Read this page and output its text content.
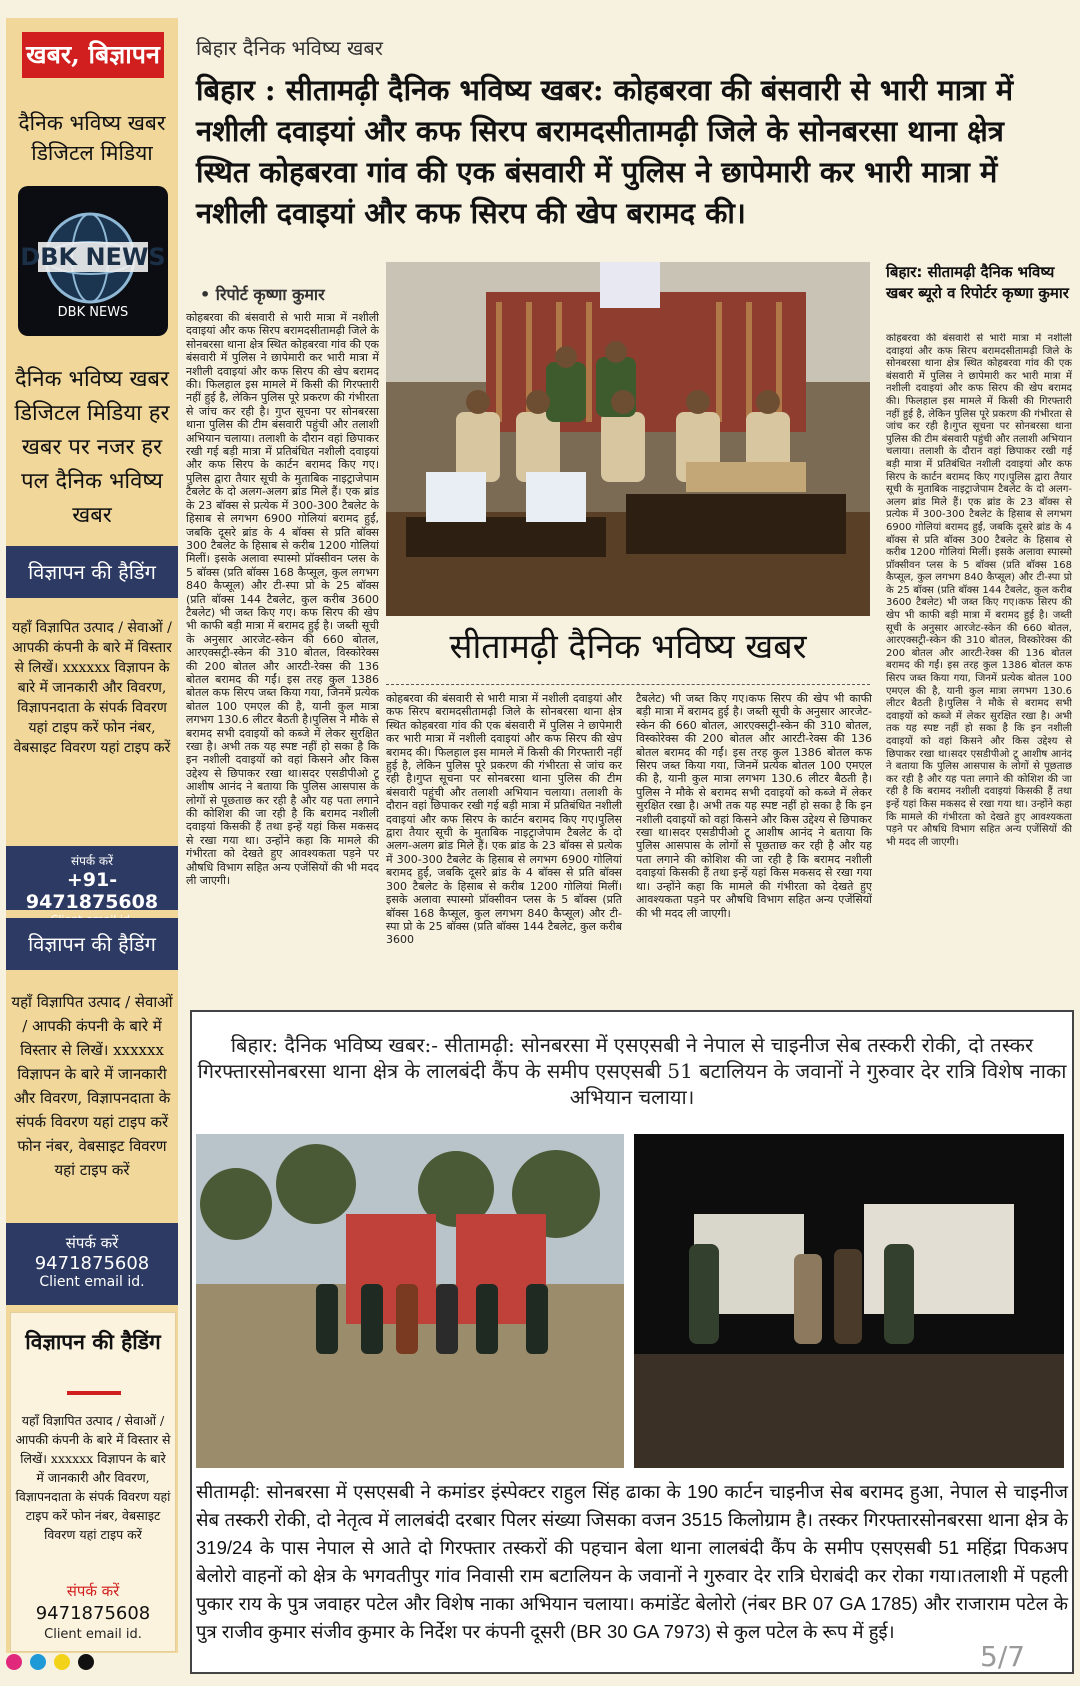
खबर, बिज्ञापन
दैनिक भविष्य खबर डिजिटल मिडिया
DBK NEWS
DBK NEWS
दैनिक भविष्य खबर डिजिटल मिडिया हर खबर पर नजर हर पल दैनिक भविष्य खबर
विज्ञापन की हैडिंग
यहाँ विज्ञापित उत्पाद / सेवाओं / आपकी कंपनी के बारे में विस्तार से लिखें। xxxxxx विज्ञापन के बारे में जानकारी और विवरण, विज्ञापनदाता के संपर्क विवरण यहां टाइप करें फोन नंबर, वेबसाइट विवरण यहां टाइप करें
संपर्क करें
+91-9471875608
विज्ञापन की हैडिंग
यहाँ विज्ञापित उत्पाद / सेवाओं / आपकी कंपनी के बारे में विस्तार से लिखें। xxxxxx विज्ञापन के बारे में जानकारी और विवरण, विज्ञापनदाता के संपर्क विवरण यहां टाइप करें फोन नंबर, वेबसाइट विवरण यहां टाइप करें
संपर्क करें
9471875608
Client email id.
विज्ञापन की हैडिंग
यहाँ विज्ञापित उत्पाद / सेवाओं / आपकी कंपनी के बारे में विस्तार से लिखें। xxxxxx विज्ञापन के बारे में जानकारी और विवरण, विज्ञापनदाता के संपर्क विवरण यहां टाइप करें फोन नंबर, वेबसाइट विवरण यहां टाइप करें
संपर्क करें
9471875608
Client email id.
बिहार दैनिक भविष्य खबर
बिहार : सीतामढ़ी दैनिक भविष्य खबर: कोहबरवा की बंसवारी से भारी मात्रा में नशीली दवाइयां और कफ सिरप बरामदसीतामढ़ी जिले के सोनबरसा थाना क्षेत्र स्थित कोहबरवा गांव की एक बंसवारी में पुलिस ने छापेमारी कर भारी मात्रा में नशीली दवाइयां और कफ सिरप की खेप बरामद की।
• रिपोर्ट कृष्णा कुमार
कोहबरवा की बंसवारी से भारी मात्रा में नशीली दवाइयां और कफ सिरप बरामदसीतामढ़ी जिले के सोनबरसा थाना क्षेत्र स्थित कोहबरवा गांव की एक बंसवारी में पुलिस ने छापेमारी कर भारी मात्रा में नशीली दवाइयां और कफ सिरप की खेप बरामद की। फिलहाल इस मामले में किसी की गिरफ्तारी नहीं हुई है, लेकिन पुलिस पूरे प्रकरण की गंभीरता से जांच कर रही है। गुप्त सूचना पर सोनबरसा थाना पुलिस की टीम बंसवारी पहुंची और तलाशी अभियान चलाया। तलाशी के दौरान वहां छिपाकर रखी गई बड़ी मात्रा में प्रतिबंधित नशीली दवाइयां और कफ सिरप के कार्टन बरामद किए गए।पुलिस द्वारा तैयार सूची के मुताबिक नाइट्राजेपाम टैबलेट के दो अलग-अलग ब्रांड मिले हैं। एक ब्रांड के 23 बॉक्स से प्रत्येक में 300-300 टैबलेट के हिसाब से लगभग 6900 गोलियां बरामद हुईं, जबकि दूसरे ब्रांड के 4 बॉक्स से प्रति बॉक्स 300 टैबलेट के हिसाब से करीब 1200 गोलियां मिलीं। इसके अलावा स्पास्मो प्रॉक्सीवन प्लस के 5 बॉक्स (प्रति बॉक्स 168 कैप्सूल, कुल लगभग 840 कैप्सूल) और टी-स्पा प्रो के 25 बॉक्स (प्रति बॉक्स 144 टैबलेट, कुल करीब 3600 टैबलेट) भी जब्त किए गए। कफ सिरप की खेप भी काफी बड़ी मात्रा में बरामद हुई है। जब्ती सूची के अनुसार आरजेट-स्केन की 660 बोतल, आरएक्सट्री-स्केन की 310 बोतल, विस्कोरेक्स की 200 बोतल और आरटी-रेक्स की 136 बोतल बरामद की गईं। इस तरह कुल 1386 बोतल कफ सिरप जब्त किया गया, जिनमें प्रत्येक बोतल 100 एमएल की है, यानी कुल मात्रा लगभग 130.6 लीटर बैठती है।पुलिस ने मौके से बरामद सभी दवाइयों को कब्जे में लेकर सुरक्षित रखा है। अभी तक यह स्पष्ट नहीं हो सका है कि इन नशीली दवाइयों को वहां किसने और किस उद्देश्य से छिपाकर रखा था।सदर एसडीपीओ टू आशीष आनंद ने बताया कि पुलिस आसपास के लोगों से पूछताछ कर रही है और यह पता लगाने की कोशिश की जा रही है कि बरामद नशीली दवाइयां किसकी हैं तथा इन्हें यहां किस मकसद से रखा गया था। उन्होंने कहा कि मामले की गंभीरता को देखते हुए आवश्यकता पड़ने पर औषधि विभाग सहित अन्य एजेंसियों की भी मदद ली जाएगी।
बिहार: सीतामढ़ी दैनिक भविष्य खबर ब्यूरो व रिपोर्टर कृष्णा कुमार
कोहबरवा की बंसवारी से भारी मात्रा में नशीली दवाइयां और कफ सिरप बरामदसीतामढ़ी जिले के सोनबरसा थाना क्षेत्र स्थित कोहबरवा गांव की एक बंसवारी में पुलिस ने छापेमारी कर भारी मात्रा में नशीली दवाइयां और कफ सिरप की खेप बरामद की। फिलहाल इस मामले में किसी की गिरफ्तारी नहीं हुई है, लेकिन पुलिस पूरे प्रकरण की गंभीरता से जांच कर रही है।गुप्त सूचना पर सोनबरसा थाना पुलिस की टीम बंसवारी पहुंची और तलाशी अभियान चलाया। तलाशी के दौरान वहां छिपाकर रखी गई बड़ी मात्रा में प्रतिबंधित नशीली दवाइयां और कफ सिरप के कार्टन बरामद किए गए।पुलिस द्वारा तैयार सूची के मुताबिक नाइट्राजेपाम टैबलेट के दो अलग-अलग ब्रांड मिले हैं। एक ब्रांड के 23 बॉक्स से प्रत्येक में 300-300 टैबलेट के हिसाब से लगभग 6900 गोलियां बरामद हुईं, जबकि दूसरे ब्रांड के 4 बॉक्स से प्रति बॉक्स 300 टैबलेट के हिसाब से करीब 1200 गोलियां मिलीं। इसके अलावा स्पास्मो प्रॉक्सीवन प्लस के 5 बॉक्स (प्रति बॉक्स 168 कैप्सूल, कुल लगभग 840 कैप्सूल) और टी-स्पा प्रो के 25 बॉक्स (प्रति बॉक्स 144 टैबलेट, कुल करीब 3600 टैबलेट) भी जब्त किए गए।कफ सिरप की खेप भी काफी बड़ी मात्रा में बरामद हुई है। जब्ती सूची के अनुसार आरजेट-स्केन की 660 बोतल, आरएक्सट्री-स्केन की 310 बोतल, विस्कोरेक्स की 200 बोतल और आरटी-रेक्स की 136 बोतल बरामद की गईं। इस तरह कुल 1386 बोतल कफ सिरप जब्त किया गया, जिनमें प्रत्येक बोतल 100 एमएल की है, यानी कुल मात्रा लगभग 130.6 लीटर बैठती है।पुलिस ने मौके से बरामद सभी दवाइयों को कब्जे में लेकर सुरक्षित रखा है। अभी तक यह स्पष्ट नहीं हो सका है कि इन नशीली दवाइयों को वहां किसने और किस उद्देश्य से छिपाकर रखा था।सदर एसडीपीओ टू आशीष आनंद ने बताया कि पुलिस आसपास के लोगों से पूछताछ कर रही है और यह पता लगाने की कोशिश की जा रही है कि बरामद नशीली दवाइयां किसकी हैं तथा इन्हें यहां किस मकसद से रखा गया था। उन्होंने कहा कि मामले की गंभीरता को देखते हुए आवश्यकता पड़ने पर औषधि विभाग सहित अन्य एजेंसियों की भी मदद ली जाएगी।
सीतामढ़ी दैनिक भविष्य खबर
कोहबरवा की बंसवारी से भारी मात्रा में नशीली दवाइयां और कफ सिरप बरामदसीतामढ़ी जिले के सोनबरसा थाना क्षेत्र स्थित कोहबरवा गांव की एक बंसवारी में पुलिस ने छापेमारी कर भारी मात्रा में नशीली दवाइयां और कफ सिरप की खेप बरामद की। फिलहाल इस मामले में किसी की गिरफ्तारी नहीं हुई है, लेकिन पुलिस पूरे प्रकरण की गंभीरता से जांच कर रही है।गुप्त सूचना पर सोनबरसा थाना पुलिस की टीम बंसवारी पहुंची और तलाशी अभियान चलाया। तलाशी के दौरान वहां छिपाकर रखी गई बड़ी मात्रा में प्रतिबंधित नशीली दवाइयां और कफ सिरप के कार्टन बरामद किए गए।पुलिस द्वारा तैयार सूची के मुताबिक नाइट्राजेपाम टैबलेट के दो अलग-अलग ब्रांड मिले हैं। एक ब्रांड के 23 बॉक्स से प्रत्येक में 300-300 टैबलेट के हिसाब से लगभग 6900 गोलियां बरामद हुईं, जबकि दूसरे ब्रांड के 4 बॉक्स से प्रति बॉक्स 300 टैबलेट के हिसाब से करीब 1200 गोलियां मिलीं। इसके अलावा स्पास्मो प्रॉक्सीवन प्लस के 5 बॉक्स (प्रति बॉक्स 168 कैप्सूल, कुल लगभग 840 कैप्सूल) और टी-स्पा प्रो के 25 बॉक्स (प्रति बॉक्स 144 टैबलेट, कुल करीब 3600
टैबलेट) भी जब्त किए गए।कफ सिरप की खेप भी काफी बड़ी मात्रा में बरामद हुई है। जब्ती सूची के अनुसार आरजेट-स्केन की 660 बोतल, आरएक्सट्री-स्केन की 310 बोतल, विस्कोरेक्स की 200 बोतल और आरटी-रेक्स की 136 बोतल बरामद की गईं। इस तरह कुल 1386 बोतल कफ सिरप जब्त किया गया, जिनमें प्रत्येक बोतल 100 एमएल की है, यानी कुल मात्रा लगभग 130.6 लीटर बैठती है।पुलिस ने मौके से बरामद सभी दवाइयों को कब्जे में लेकर सुरक्षित रखा है। अभी तक यह स्पष्ट नहीं हो सका है कि इन नशीली दवाइयों को वहां किसने और किस उद्देश्य से छिपाकर रखा था।सदर एसडीपीओ टू आशीष आनंद ने बताया कि पुलिस आसपास के लोगों से पूछताछ कर रही है और यह पता लगाने की कोशिश की जा रही है कि बरामद नशीली दवाइयां किसकी हैं तथा इन्हें यहां किस मकसद से रखा गया था। उन्होंने कहा कि मामले की गंभीरता को देखते हुए आवश्यकता पड़ने पर औषधि विभाग सहित अन्य एजेंसियों की भी मदद ली जाएगी।
बिहार: दैनिक भविष्य खबर:- सीतामढ़ी: सोनबरसा में एसएसबी ने नेपाल से चाइनीज सेब तस्करी रोकी, दो तस्कर गिरफ्तारसोनबरसा थाना क्षेत्र के लालबंदी कैंप के समीप एसएसबी 51 बटालियन के जवानों ने गुरुवार देर रात्रि विशेष नाका अभियान चलाया।
सीतामढ़ी: सोनबरसा में एसएसबी ने कमांडर इंस्पेक्टर राहुल सिंह ढाका के 190 कार्टन चाइनीज सेब बरामद हुआ, नेपाल से चाइनीज सेब तस्करी रोकी, दो नेतृत्व में लालबंदी दरबार पिलर संख्या जिसका वजन 3515 किलोग्राम है। तस्कर गिरफ्तारसोनबरसा थाना क्षेत्र के 319/24 के पास नेपाल से आते दो गिरफ्तार तस्करों की पहचान बेला थाना लालबंदी कैंप के समीप एसएसबी 51 महिंद्रा पिकअप बेलोरो वाहनों को क्षेत्र के भगवतीपुर गांव निवासी राम बटालियन के जवानों ने गुरुवार देर रात्रि घेराबंदी कर रोका गया।तलाशी में पहली पुकार राय के पुत्र जवाहर पटेल और विशेष नाका अभियान चलाया। कमांडेंट बेलोरो (नंबर BR 07 GA 1785) और राजाराम पटेल के पुत्र राजीव कुमार संजीव कुमार के निर्देश पर कंपनी दूसरी (BR 30 GA 7973) से कुल पटेल के रूप में हुई।

5/7
